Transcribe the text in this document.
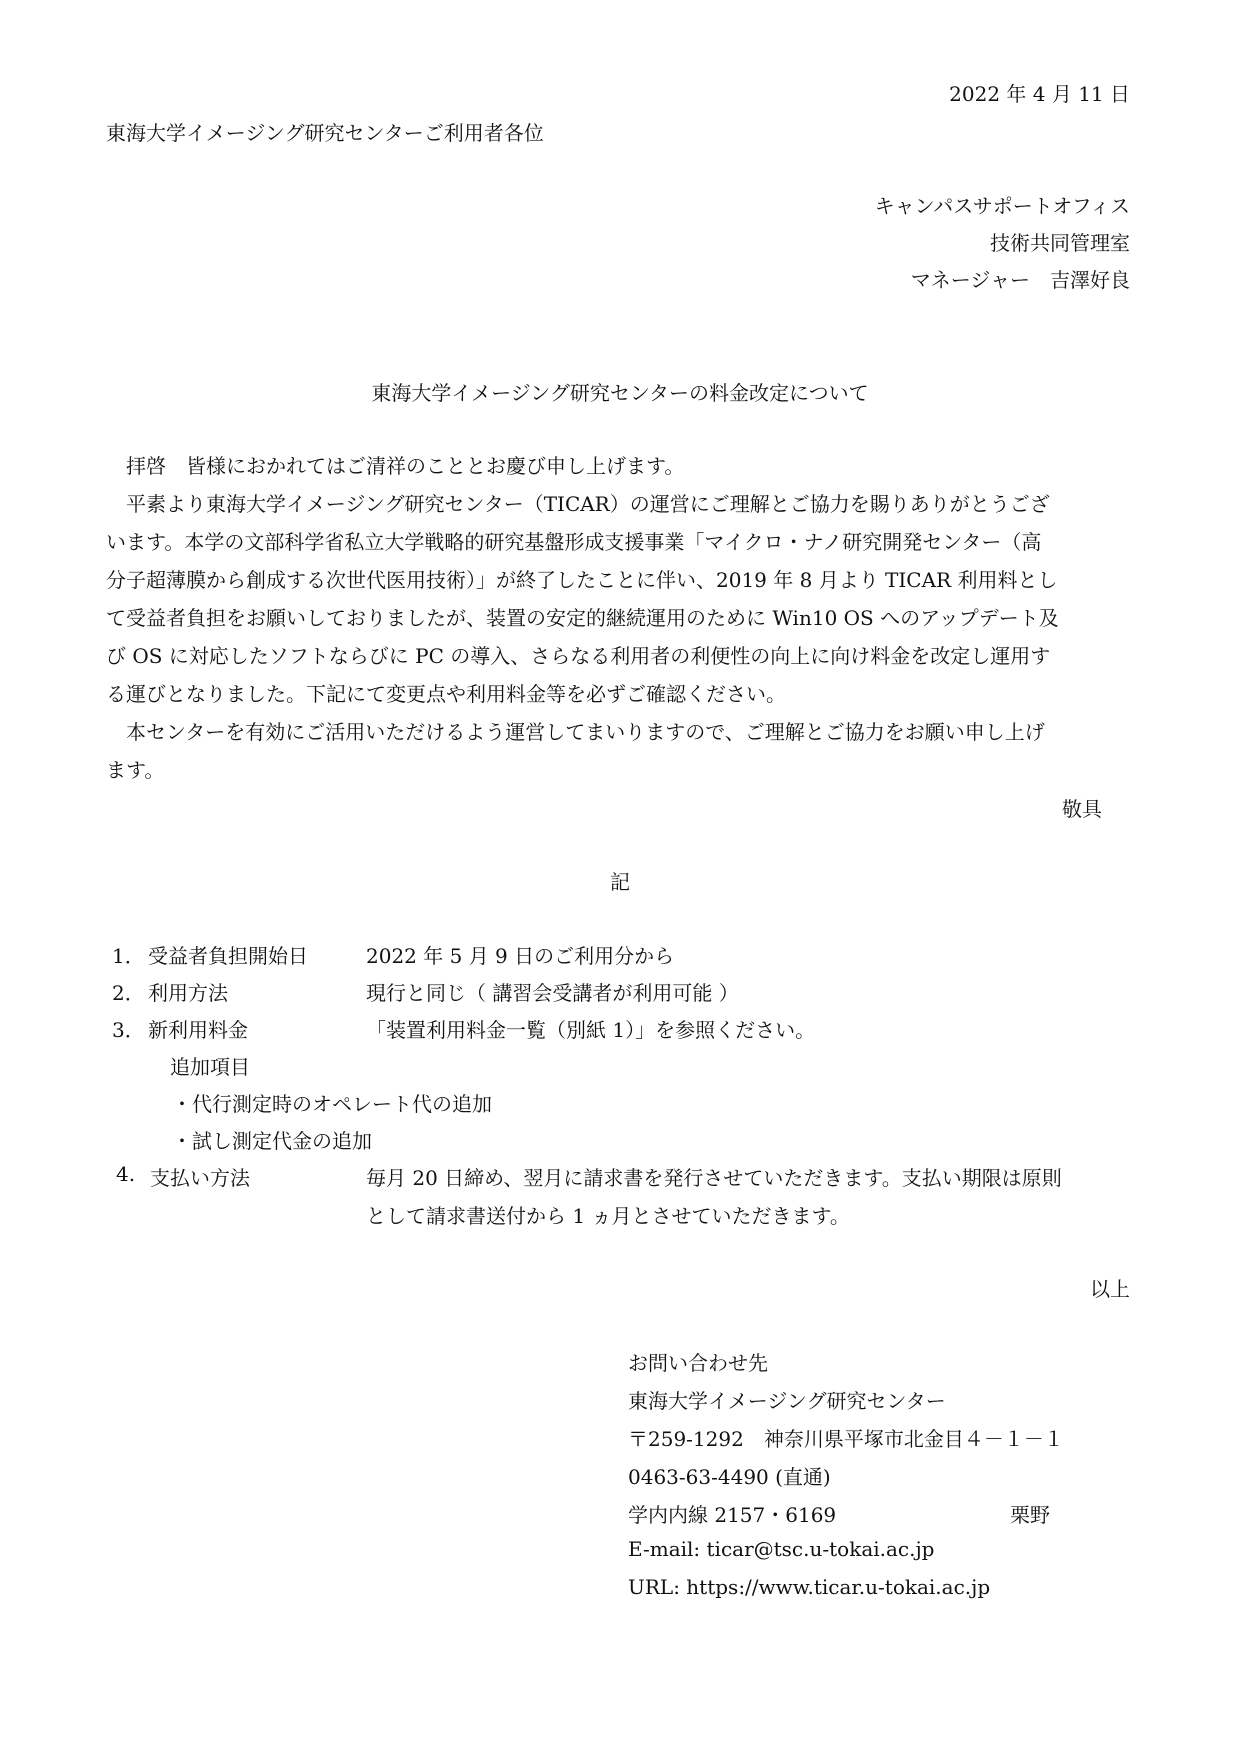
2022 年 4 月 11 日
東海大学イメージング研究センターご利用者各位
キャンパスサポートオフィス
技術共同管理室
マネージャー　吉澤好良
東海大学イメージング研究センターの料金改定について
拝啓　皆様におかれてはご清祥のこととお慶び申し上げます。
平素より東海大学イメージング研究センター（TICAR）の運営にご理解とご協力を賜りありがとうござ
います。本学の文部科学省私立大学戦略的研究基盤形成支援事業「マイクロ・ナノ研究開発センター（高
分子超薄膜から創成する次世代医用技術）」が終了したことに伴い、2019 年 8 月より TICAR 利用料とし
て受益者負担をお願いしておりましたが、装置の安定的継続運用のために Win10 OS へのアップデート及
び OS に対応したソフトならびに PC の導入、さらなる利用者の利便性の向上に向け料金を改定し運用す
る運びとなりました。下記にて変更点や利用料金等を必ずご確認ください。
本センターを有効にご活用いただけるよう運営してまいりますので、ご理解とご協力をお願い申し上げ
ます。
敬具
記
1． 受益者負担開始日	2022 年 5 月 9 日のご利用分から
2． 利用方法	現行と同じ（ 講習会受講者が利用可能 ）
3． 新利用料金	「装置利用料金一覧（別紙 1）」を参照ください。
追加項目
・代行測定時のオペレート代の追加
・試し測定代金の追加
4. 支払い方法	毎月 20 日締め、翌月に請求書を発行させていただきます。支払い期限は原則
として請求書送付から 1 ヵ月とさせていただきます。
以上
お問い合わせ先
東海大学イメージング研究センター
〒259-1292　神奈川県平塚市北金目４－１－１
0463-63-4490 (直通)
学内内線 2157・6169	栗野
E-mail: ticar@tsc.u-tokai.ac.jp
URL: https://www.ticar.u-tokai.ac.jp
